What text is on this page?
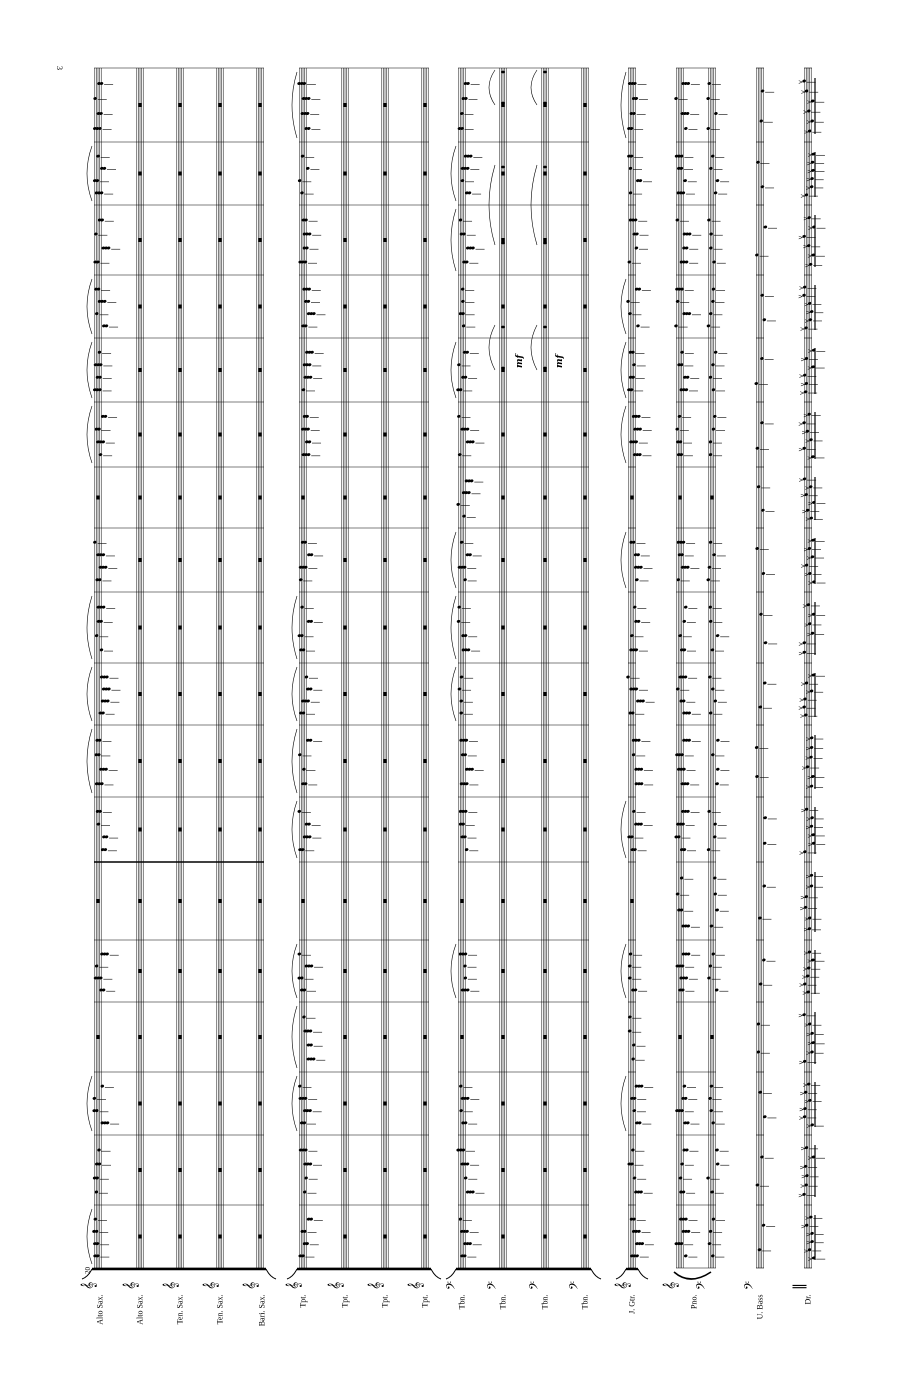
3
𝄞 𝄞 𝄞 𝄞 𝄞 𝄞 𝄞 𝄞 𝄞 𝄢 𝄢 𝄢 𝄢 𝄞 𝄞 𝄢 𝄢 ‖
>
>
>
>
>
>
>
>
>
>
>
>
>
>
>
>
>
>
>
>
>
>
>
>
>
>
>
>
>
>
>
>
>
>
>
>
>
>
>
>
>
>
>
>
>
>
>
>
>
>
>
>
>
>
>
>
>
>
>
>
>
>
>
>
>
>
>
>
>
>
>
>
>
>
>
>
>
>
>
>
>
>
>
>
>
>
>
>
>
>
>
>
>
>
>
>
>
>
>
>
>
>
>
>
>
>
>
>
mf	mf
20
Alto Sax.	Alto Sax.	Ten. Sax.	Ten. Sax.	Bari. Sax.	Tpt.	Tpt.	Tpt.	Tpt.	Tbn.	Tbn.	Tbn.	Tbn.	J. Gtr.	Pno.	U. Bass	Dr.
